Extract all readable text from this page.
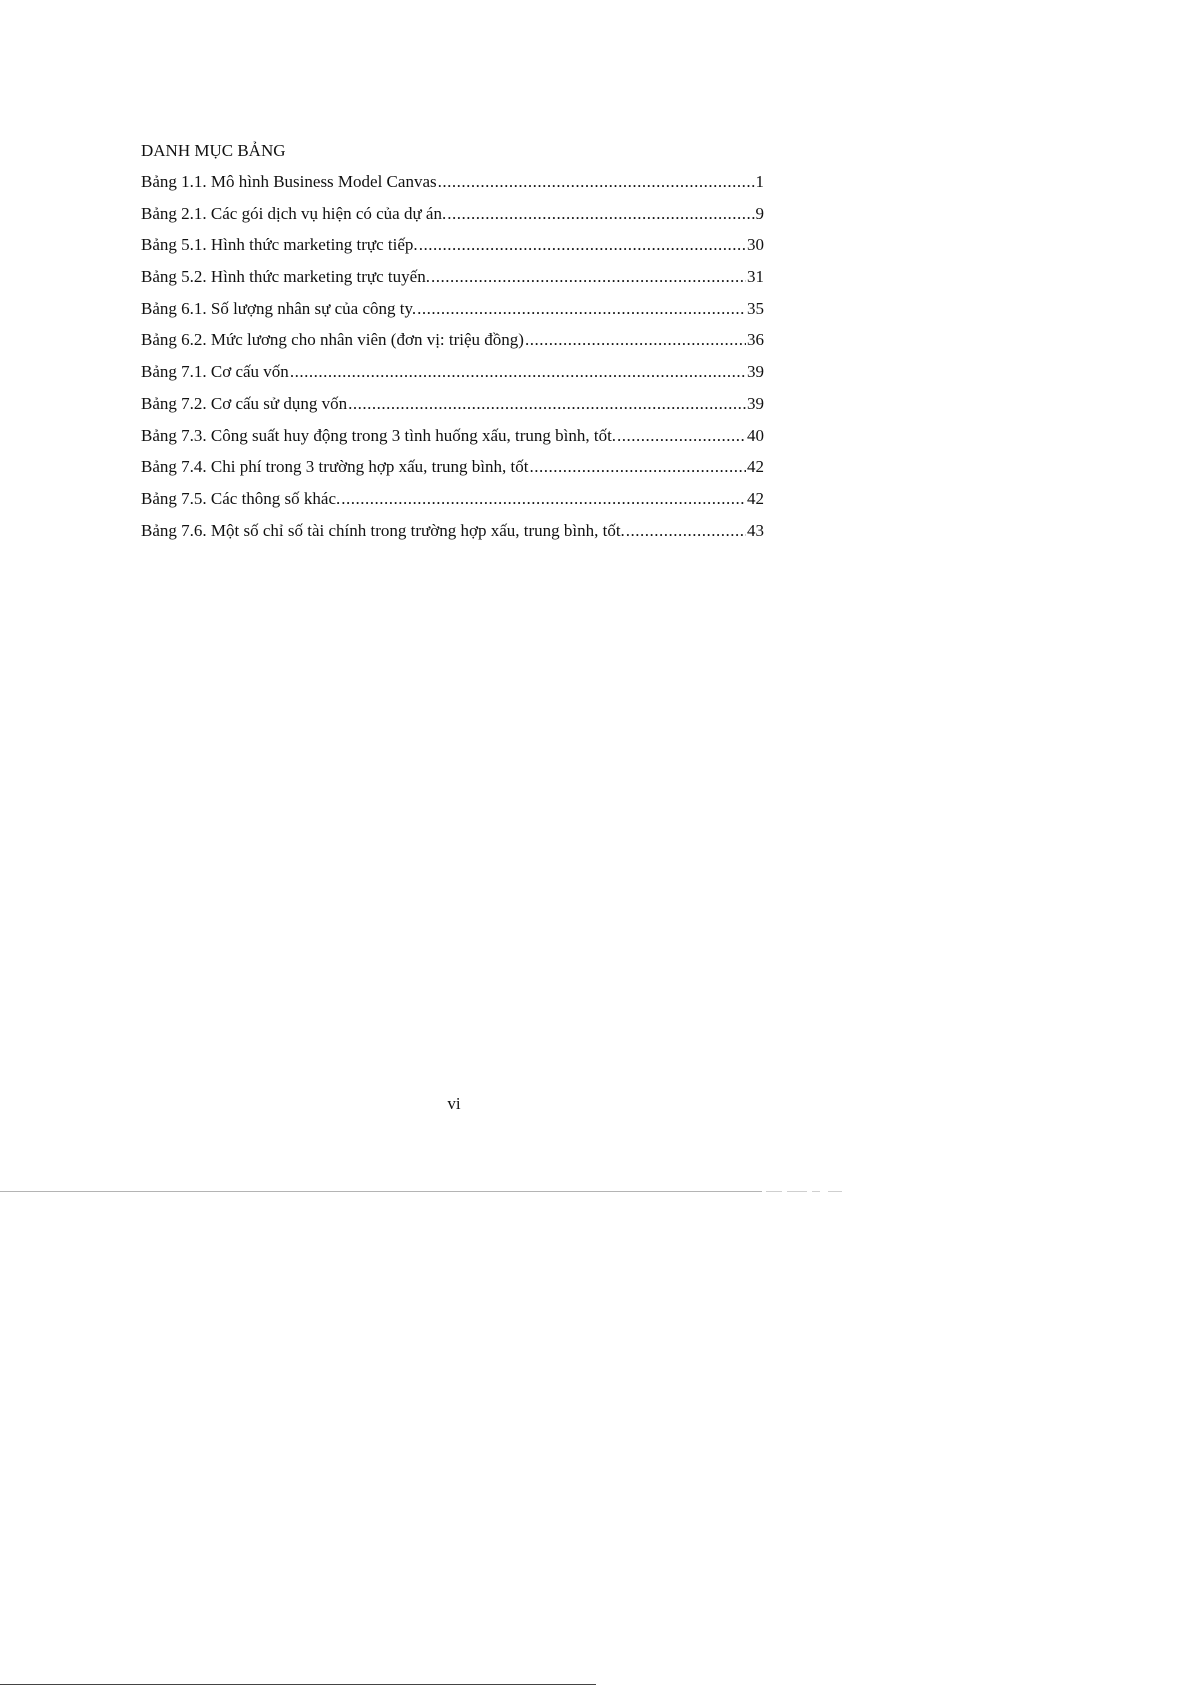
DANH MỤC BẢNG
Bảng 1.1. Mô hình Business Model Canvas .....	1
Bảng 2.1. Các gói dịch vụ hiện có của dự án. .....	9
Bảng 5.1. Hình thức marketing trực tiếp. .....	30
Bảng 5.2. Hình thức marketing trực tuyến. .....	31
Bảng 6.1. Số lượng nhân sự của công ty. .....	35
Bảng 6.2. Mức lương cho nhân viên (đơn vị: triệu đồng) .....	36
Bảng 7.1. Cơ cấu vốn .....	39
Bảng 7.2. Cơ cấu sử dụng vốn .....	39
Bảng 7.3. Công suất huy động trong 3 tình huống xấu, trung bình, tốt. .....	40
Bảng 7.4. Chi phí trong 3 trường hợp xấu, trung bình, tốt .....	42
Bảng 7.5. Các thông số khác. .....	42
Bảng 7.6. Một số chỉ số tài chính trong trường hợp xấu, trung bình, tốt. .....	43
vi
